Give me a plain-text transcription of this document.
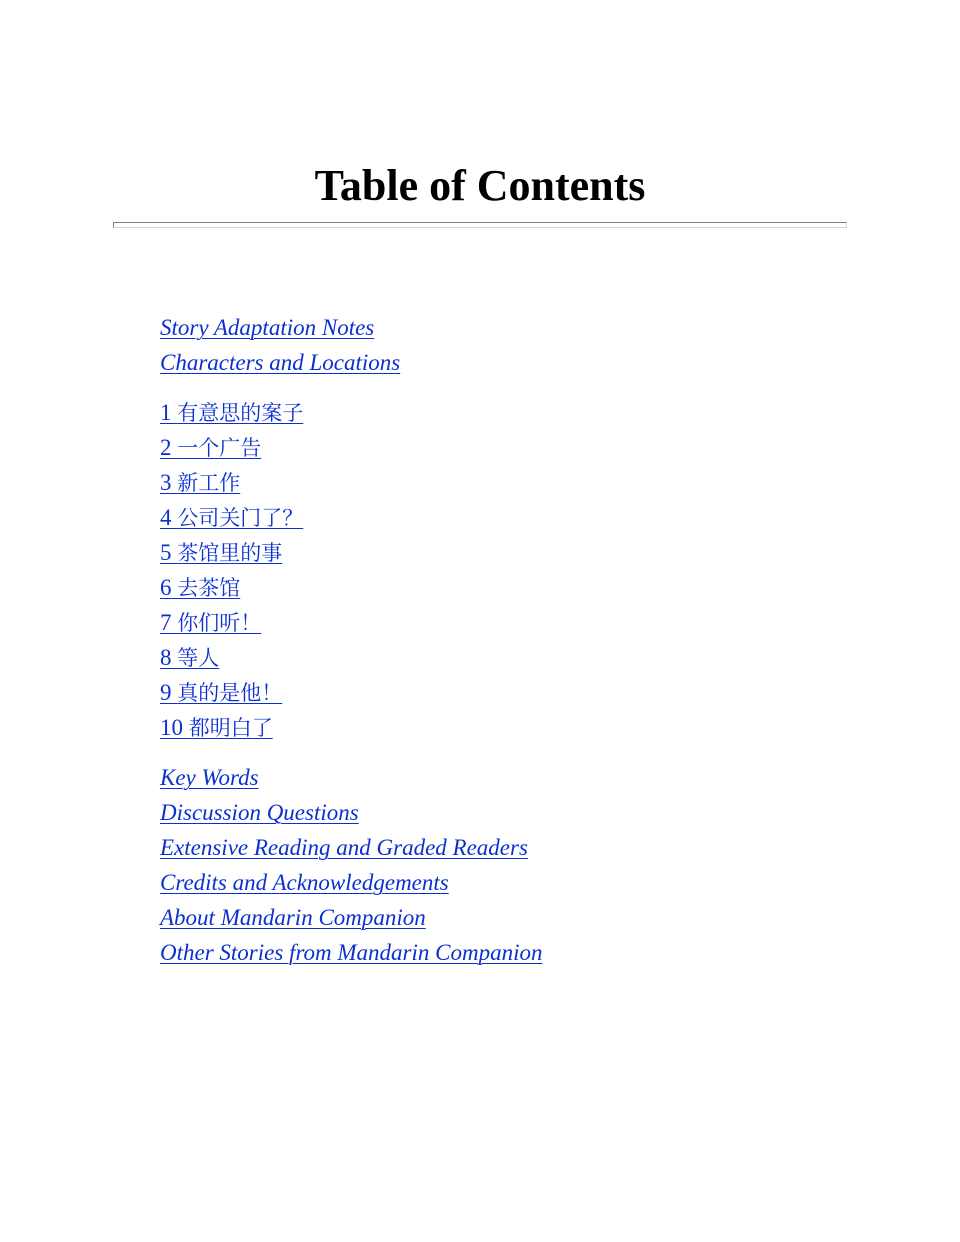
Table of Contents
Story Adaptation Notes
Characters and Locations
1 有意思的案子
2 一个广告
3 新工作
4 公司关门了？
5 茶馆里的事
6 去茶馆
7 你们听！
8 等人
9 真的是他！
10 都明白了
Key Words
Discussion Questions
Extensive Reading and Graded Readers
Credits and Acknowledgements
About Mandarin Companion
Other Stories from Mandarin Companion
